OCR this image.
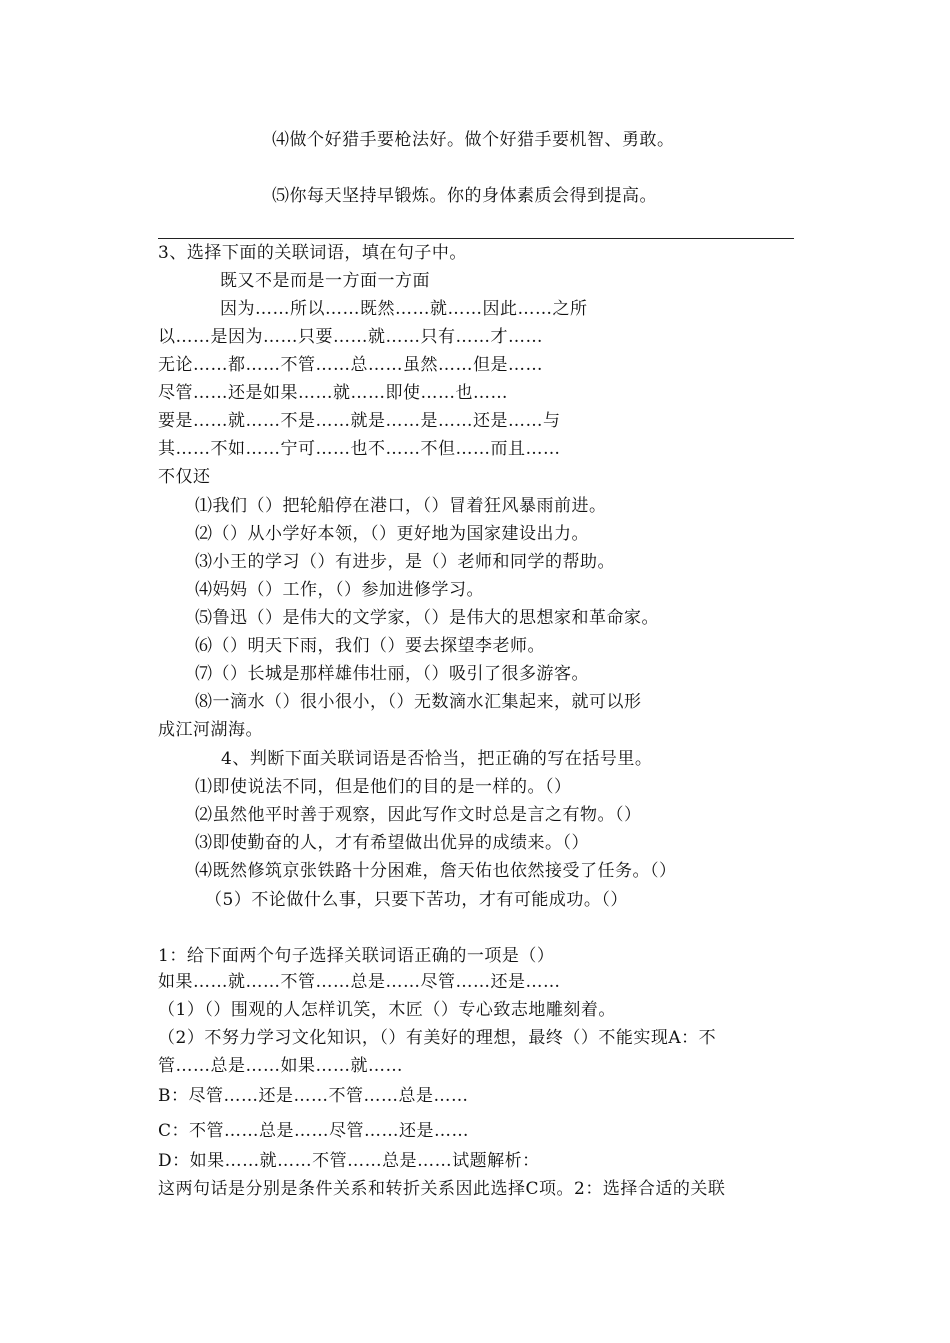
⑷做个好猎手要枪法好。做个好猎手要机智、勇敢。
⑸你每天坚持早锻炼。你的身体素质会得到提高。
3、选择下面的关联词语，填在句子中。
既又不是而是一方面一方面
因为……所以……既然……就……因此……之所
以……是因为……只要……就……只有……才……
无论……都……不管……总……虽然……但是……
尽管……还是如果……就……即使……也……
要是……就……不是……就是……是……还是……与
其……不如……宁可……也不……不但……而且……
不仅还
⑴我们（）把轮船停在港口，（）冒着狂风暴雨前进。
⑵（）从小学好本领，（）更好地为国家建设出力。
⑶小王的学习（）有进步，是（）老师和同学的帮助。
⑷妈妈（）工作，（）参加进修学习。
⑸鲁迅（）是伟大的文学家，（）是伟大的思想家和革命家。
⑹（）明天下雨，我们（）要去探望李老师。
⑺（）长城是那样雄伟壮丽，（）吸引了很多游客。
⑻一滴水（）很小很小，（）无数滴水汇集起来，就可以形
成江河湖海。
4、判断下面关联词语是否恰当，把正确的写在括号里。
⑴即使说法不同，但是他们的目的是一样的。（）
⑵虽然他平时善于观察，因此写作文时总是言之有物。（）
⑶即使勤奋的人，才有希望做出优异的成绩来。（）
⑷既然修筑京张铁路十分困难，詹天佑也依然接受了任务。（）
（5）不论做什么事，只要下苦功，才有可能成功。（）
1：给下面两个句子选择关联词语正确的一项是（）
如果……就……不管……总是……尽管……还是……
（1）（）围观的人怎样讥笑，木匠（）专心致志地雕刻着。
（2）不努力学习文化知识，（）有美好的理想，最终（）不能实现A：不
管……总是……如果……就……
B：尽管……还是……不管……总是……
C：不管……总是……尽管……还是……
D：如果……就……不管……总是……试题解析：
这两句话是分别是条件关系和转折关系因此选择C项。2：选择合适的关联
